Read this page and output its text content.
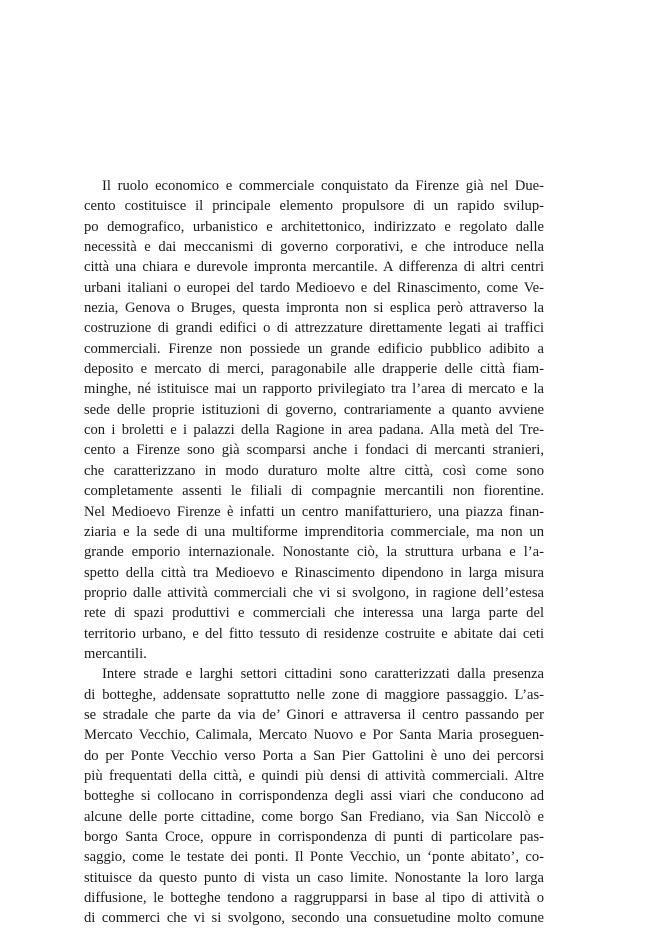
Il ruolo economico e commerciale conquistato da Firenze già nel Due-
cento costituisce il principale elemento propulsore di un rapido svilup-
po demografico, urbanistico e architettonico, indirizzato e regolato dalle
necessità e dai meccanismi di governo corporativi, e che introduce nella
città una chiara e durevole impronta mercantile. A differenza di altri centri
urbani italiani o europei del tardo Medioevo e del Rinascimento, come Ve-
nezia, Genova o Bruges, questa impronta non si esplica però attraverso la
costruzione di grandi edifici o di attrezzature direttamente legati ai traffici
commerciali. Firenze non possiede un grande edificio pubblico adibito a
deposito e mercato di merci, paragonabile alle drapperie delle città fiam-
minghe, né istituisce mai un rapporto privilegiato tra l’area di mercato e la
sede delle proprie istituzioni di governo, contrariamente a quanto avviene
con i broletti e i palazzi della Ragione in area padana. Alla metà del Tre-
cento a Firenze sono già scomparsi anche i fondaci di mercanti stranieri,
che caratterizzano in modo duraturo molte altre città, così come sono
completamente assenti le filiali di compagnie mercantili non fiorentine.
Nel Medioevo Firenze è infatti un centro manifatturiero, una piazza finan-
ziaria e la sede di una multiforme imprenditoria commerciale, ma non un
grande emporio internazionale. Nonostante ciò, la struttura urbana e l’a-
spetto della città tra Medioevo e Rinascimento dipendono in larga misura
proprio dalle attività commerciali che vi si svolgono, in ragione dell’estesa
rete di spazi produttivi e commerciali che interessa una larga parte del
territorio urbano, e del fitto tessuto di residenze costruite e abitate dai ceti
mercantili.
Intere strade e larghi settori cittadini sono caratterizzati dalla presenza
di botteghe, addensate soprattutto nelle zone di maggiore passaggio. L’as-
se stradale che parte da via de’ Ginori e attraversa il centro passando per
Mercato Vecchio, Calimala, Mercato Nuovo e Por Santa Maria proseguen-
do per Ponte Vecchio verso Porta a San Pier Gattolini è uno dei percorsi
più frequentati della città, e quindi più densi di attività commerciali. Altre
botteghe si collocano in corrispondenza degli assi viari che conducono ad
alcune delle porte cittadine, come borgo San Frediano, via San Niccolò e
borgo Santa Croce, oppure in corrispondenza di punti di particolare pas-
saggio, come le testate dei ponti. Il Ponte Vecchio, un ‘ponte abitato’, co-
stituisce da questo punto di vista un caso limite. Nonostante la loro larga
diffusione, le botteghe tendono a raggrupparsi in base al tipo di attività o
di commerci che vi si svolgono, secondo una consuetudine molto comune
